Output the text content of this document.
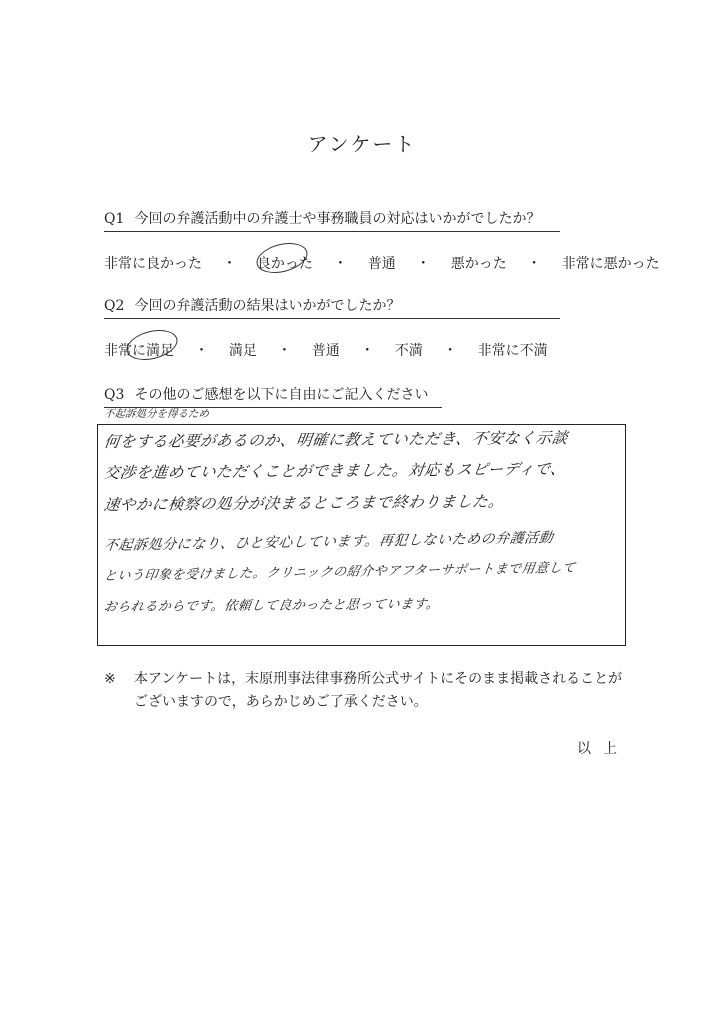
アンケート
Q1 今回の弁護活動中の弁護士や事務職員の対応はいかがでしたか？
非常に良かった ・ 良かった ・ 普通 ・ 悪かった ・ 非常に悪かった
Q2 今回の弁護活動の結果はいかがでしたか？
非常に満足 ・ 満足 ・ 普通 ・ 不満 ・ 非常に不満
Q3 その他のご感想を以下に自由にご記入ください
不起訴処分を得るため
何をする必要があるのか、明確に教えていただき、不安なく示談
交渉を進めていただくことができました。対応もスピーディで、
速やかに検察の処分が決まるところまで終わりました。
不起訴処分になり、ひと安心しています。再犯しないための弁護活動
という印象を受けました。クリニックの紹介やアフターサポートまで用意して
おられるからです。依頼して良かったと思っています。
※	本アンケートは，末原刑事法律事務所公式サイトにそのまま掲載されることがございますので，あらかじめご了承ください。
以上
